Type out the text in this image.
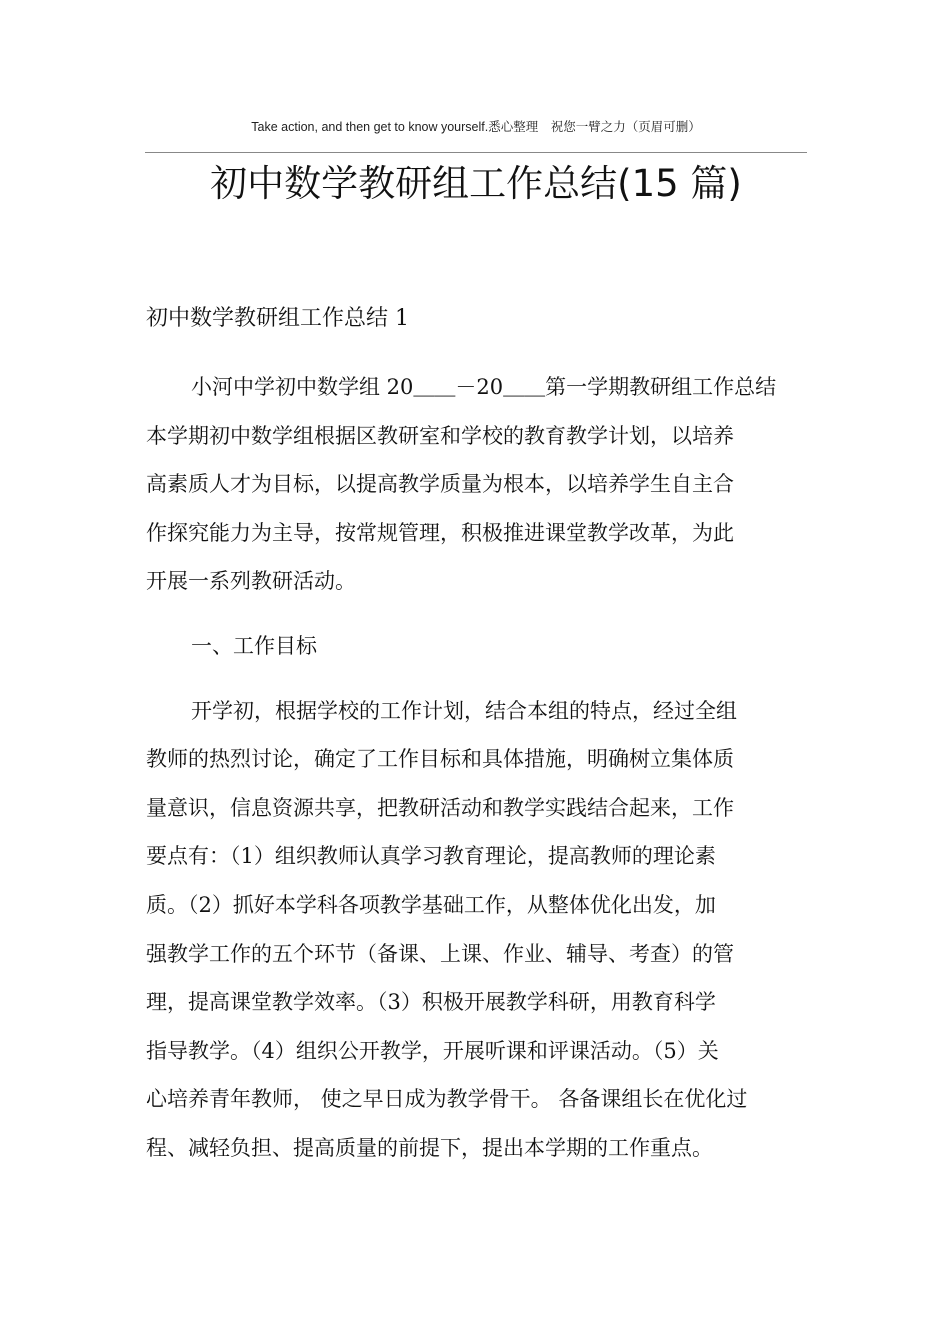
Take action, and then get to know yourself.悉心整理　祝您一臂之力（页眉可删）
初中数学教研组工作总结(15 篇)
初中数学教研组工作总结 1
小河中学初中数学组 20＿＿－20＿＿第一学期教研组工作总结
本学期初中数学组根据区教研室和学校的教育教学计划，以培养
高素质人才为目标，以提高教学质量为根本，以培养学生自主合
作探究能力为主导，按常规管理，积极推进课堂教学改革，为此
开展一系列教研活动。
一、工作目标
开学初，根据学校的工作计划，结合本组的特点，经过全组
教师的热烈讨论，确定了工作目标和具体措施，明确树立集体质
量意识，信息资源共享，把教研活动和教学实践结合起来，工作
要点有：（1）组织教师认真学习教育理论，提高教师的理论素
质。（2）抓好本学科各项教学基础工作，从整体优化出发，加
强教学工作的五个环节（备课、上课、作业、辅导、考查）的管
理，提高课堂教学效率。（3）积极开展教学科研，用教育科学
指导教学。（4）组织公开教学，开展听课和评课活动。（5）关
心培养青年教师， 使之早日成为教学骨干。 各备课组长在优化过
程、减轻负担、提高质量的前提下，提出本学期的工作重点。
